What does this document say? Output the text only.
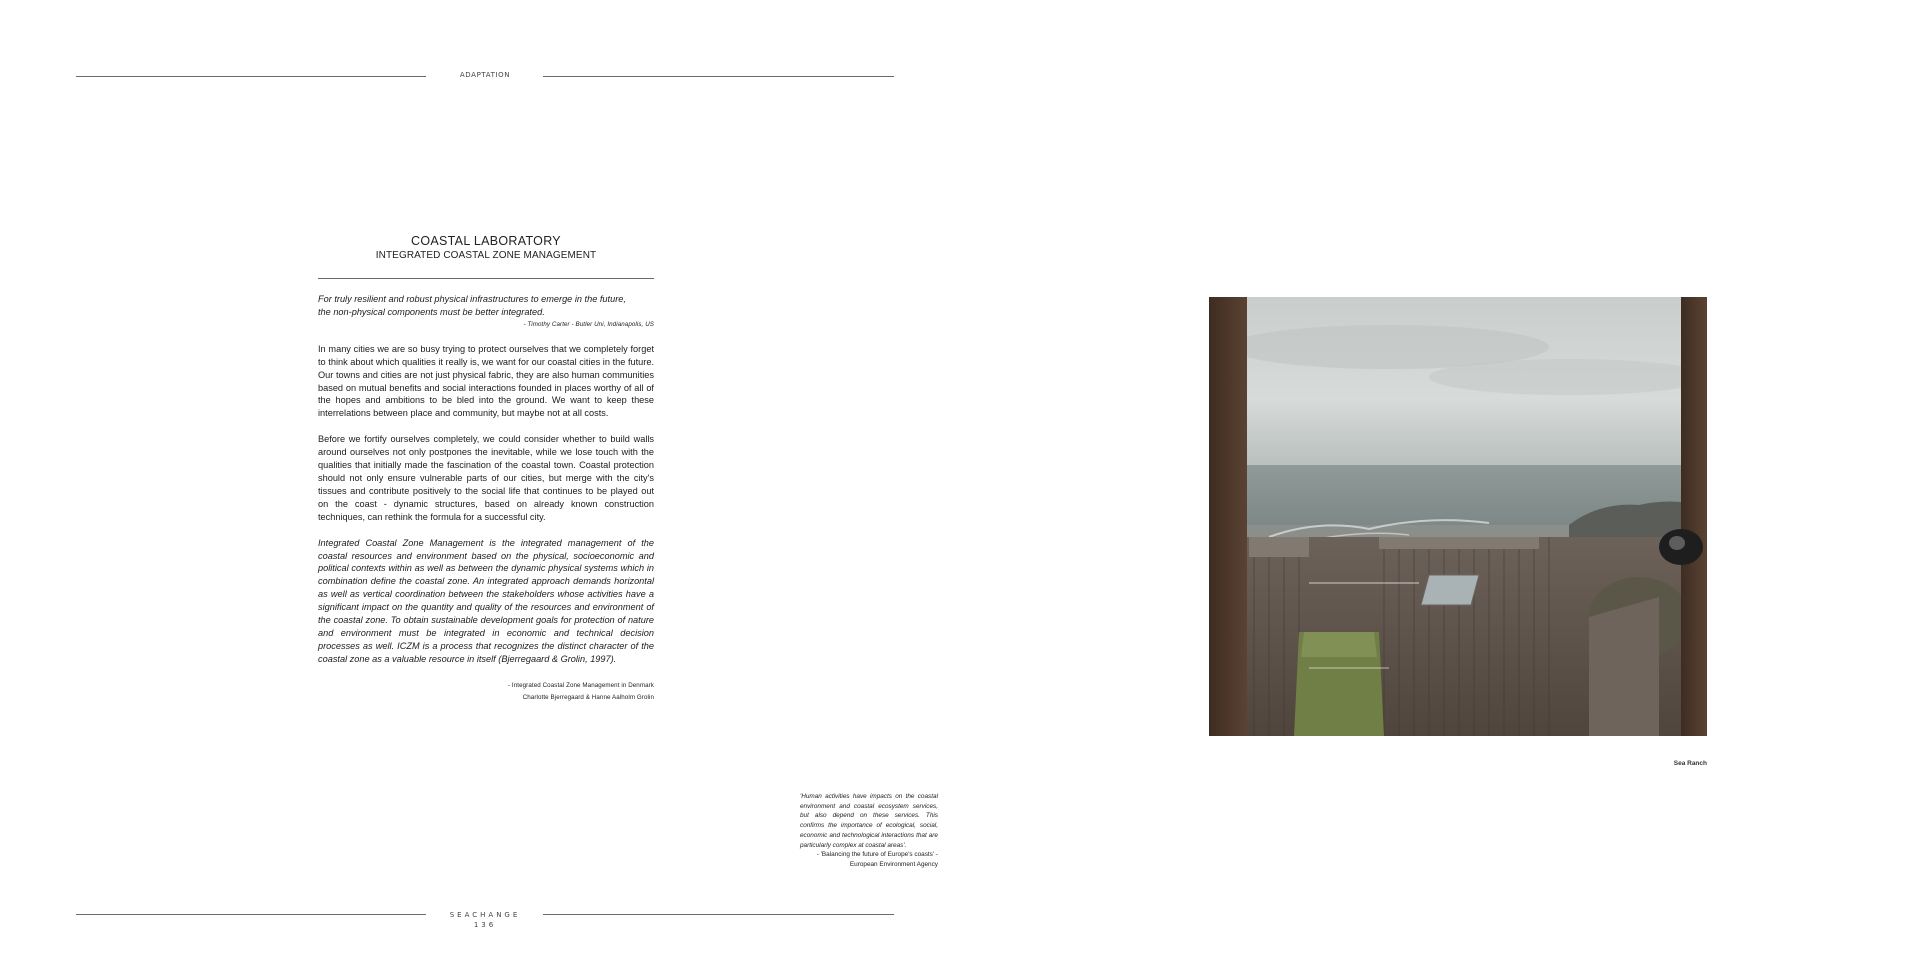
ADAPTATION
COASTAL LABORATORY
INTEGRATED COASTAL ZONE MANAGEMENT

For truly resilient and robust physical infrastructures to emerge in the future,

the non-physical components must be better integrated.

- Timothy Carter - Butler Uni, Indianapolis, US

In many cities we are so busy trying to protect ourselves that we completely forget to think about which qualities it really is, we want for our coastal cities in the future. Our towns and cities are not just physical fabric, they are also human communities based on mutual benefits and social interactions founded in places worthy of all of the hopes and ambitions to be bled into the ground. We want to keep these interrelations between place and community, but maybe not at all costs.

Before we fortify ourselves completely, we could consider whether to build walls around ourselves not only postpones the inevitable, while we lose touch with the qualities that initially made the fascination of the coastal town. Coastal protection should not only ensure vulnerable parts of our cities, but merge with the city's tissues and contribute positively to the social life that continues to be played out on the coast - dynamic structures, based on already known construction techniques, can rethink the formula for a successful city.

Integrated Coastal Zone Management is the integrated management of the coastal resources and environment based on the physical, socioeconomic and political contexts within as well as between the dynamic physical systems which in combination define the coastal zone. An integrated approach demands horizontal as well as vertical coordination between the stakeholders whose activities have a significant impact on the quantity and quality of the resources and environment of the coastal zone. To obtain sustainable development goals for protection of nature and environment must be integrated in economic and technical decision processes as well. ICZM is a process that recognizes the distinct character of the coastal zone as a valuable resource in itself (Bjerregaard & Grolin, 1997).

- Integrated Coastal Zone Management in Denmark

Charlotte Bjerregaard & Hanne Aalholm Grolin

'Human activities have impacts on the coastal environment and coastal ecosystem services, but also depend on these services. This confirms the importance of ecological, social, economic and technological interactions that are particularly complex at coastal areas'.
- 'Balancing the future of Europe's coasts' -
European Environment Agency
SEACHANGE
136
Sea Ranch
